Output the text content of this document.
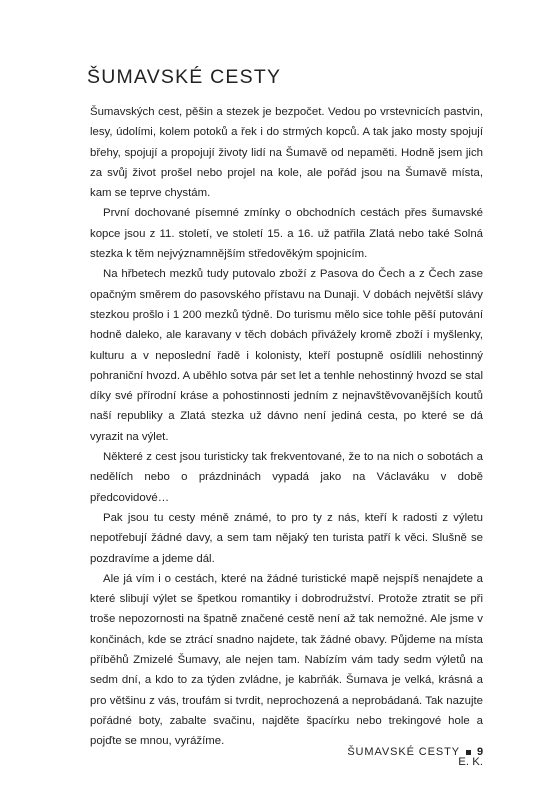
ŠUMAVSKÉ CESTY

Šumavských cest, pěšin a stezek je bezpočet. Vedou po vrstevnicích pastvin, lesy, údolími, kolem potoků a řek i do strmých kopců. A tak jako mosty spojují břehy, spojují a propojují životy lidí na Šumavě od nepaměti. Hodně jsem jich za svůj život prošel nebo projel na kole, ale pořád jsou na Šumavě místa, kam se teprve chystám.

První dochované písemné zmínky o obchodních cestách přes šumavské kopce jsou z 11. století, ve století 15. a 16. už patřila Zlatá nebo také Solná stezka k těm nejvýznamnějším středověkým spojnicím.

Na hřbetech mezků tudy putovalo zboží z Pasova do Čech a z Čech zase opačným směrem do pasovského přístavu na Dunaji. V dobách největší slávy stezkou prošlo i 1 200 mezků týdně. Do turismu mělo sice tohle pěší putování hodně daleko, ale karavany v těch dobách přivážely kromě zboží i myšlenky, kulturu a v neposlední řadě i kolonisty, kteří postupně osídlili nehostinný pohraniční hvozd. A uběhlo sotva pár set let a tenhle nehostinný hvozd se stal díky své přírodní krásе a pohostinnosti jedním z nejnavštěvovanějších koutů naší republiky a Zlatá stezka už dávno není jediná cesta, po které se dá vyrazit na výlet.

Některé z cest jsou turisticky tak frekventované, že to na nich o sobotách a nedělích nebo o prázdninách vypadá jako na Václaváku v době předcovidové…

Pak jsou tu cesty méně známé, to pro ty z nás, kteří k radosti z výletu nepotřebují žádné davy, a sem tam nějaký ten turista patří k věci. Slušně se pozdravíme a jdeme dál.

Ale já vím i o cestách, které na žádné turistické mapě nejspíš nenajdete a které slibují výlet se špetkou romantiky i dobrodružství. Protože ztratit se při troše nepozornosti na špatně značené cestě není až tak nemožné. Ale jsme v končinách, kde se ztrácí snadno najdete, tak žádné obavy. Půjdeme na místa příběhů Zmizelé Šumavy, ale nejen tam. Nabízím vám tady sedm výletů na sedm dní, a kdo to za týden zvládne, je kabrňák. Šumava je velká, krásná a pro většinu z vás, troufám si tvrdit, neprochozená a neprobádaná. Tak nazujte pořádné boty, zabalte svačinu, najděte špacírku nebo trekingové hole a pojďte se mnou, vyrážíme.

E. K.

ŠUMAVSKÉ CESTY 9
